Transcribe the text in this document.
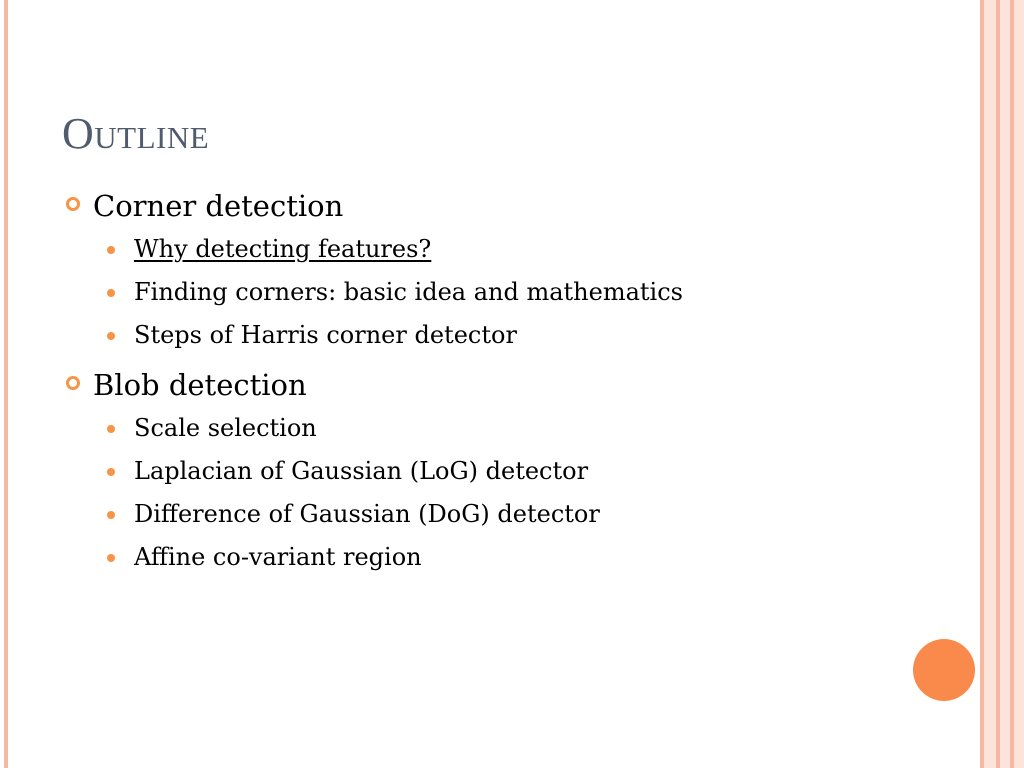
Outline
Corner detection
Why detecting features?
Finding corners: basic idea and mathematics
Steps of Harris corner detector
Blob detection
Scale selection
Laplacian of Gaussian (LoG) detector
Difference of Gaussian (DoG) detector
Affine co-variant region
